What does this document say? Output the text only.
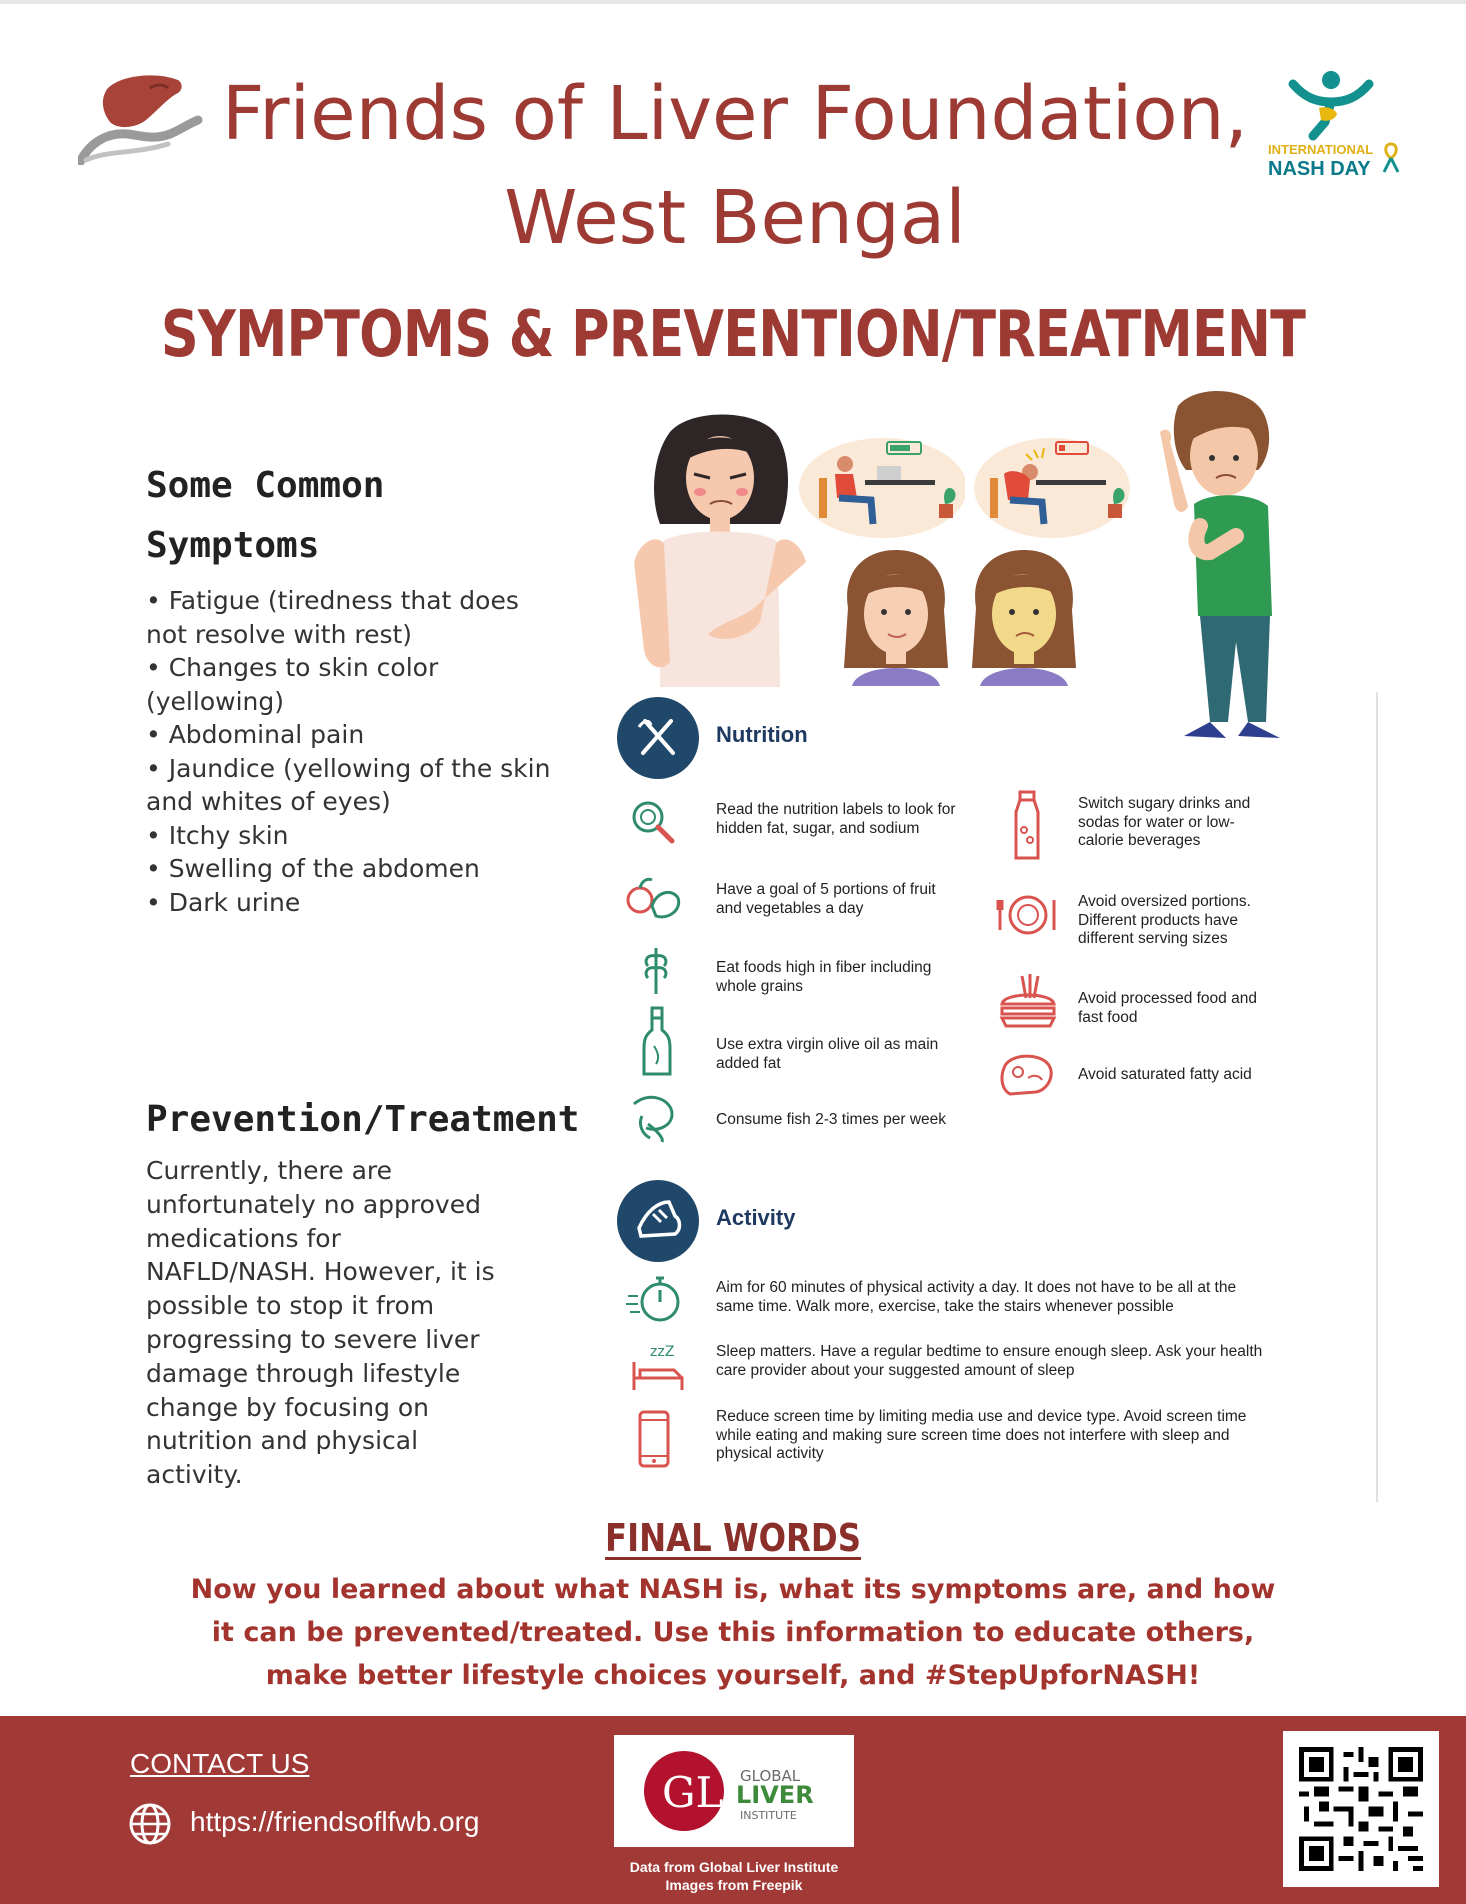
Friends of Liver Foundation,
West Bengal
INTERNATIONAL
NASH DAY
SYMPTOMS & PREVENTION/TREATMENT
Some Common
Symptoms
• Fatigue (tiredness that does not resolve with rest)
• Changes to skin color (yellowing)
• Abdominal pain
• Jaundice (yellowing of the skin and whites of eyes)
• Itchy skin
• Swelling of the abdomen
• Dark urine
Prevention/Treatment
Currently, there are unfortunately no approved medications for NAFLD/NASH. However, it is possible to stop it from progressing to severe liver damage through lifestyle change by focusing on nutrition and physical activity.
Nutrition
Read the nutrition labels to look for hidden fat, sugar, and sodium
Have a goal of 5 portions of fruit and vegetables a day
Eat foods high in fiber including whole grains
Use extra virgin olive oil as main added fat
Consume fish 2-3 times per week
Switch sugary drinks and sodas for water or low-calorie beverages
Avoid oversized portions. Different products have different serving sizes
Avoid processed food and fast food
Avoid saturated fatty acid
Activity
Aim for 60 minutes of physical activity a day. It does not have to be all at the same time. Walk more, exercise, take the stairs whenever possible
zzZ	Sleep matters. Have a regular bedtime to ensure enough sleep. Ask your health care provider about your suggested amount of sleep
Reduce screen time by limiting media use and device type. Avoid screen time while eating and making sure screen time does not interfere with sleep and physical activity
FINAL WORDS
Now you learned about what NASH is, what its symptoms are, and how it can be prevented/treated. Use this information to educate others, make better lifestyle choices yourself, and #StepUpforNASH!
CONTACT US
https://friendsoflfwb.org
GLI GLOBAL
LIVER
INSTITUTE
Data from Global Liver Institute
Images from Freepik
